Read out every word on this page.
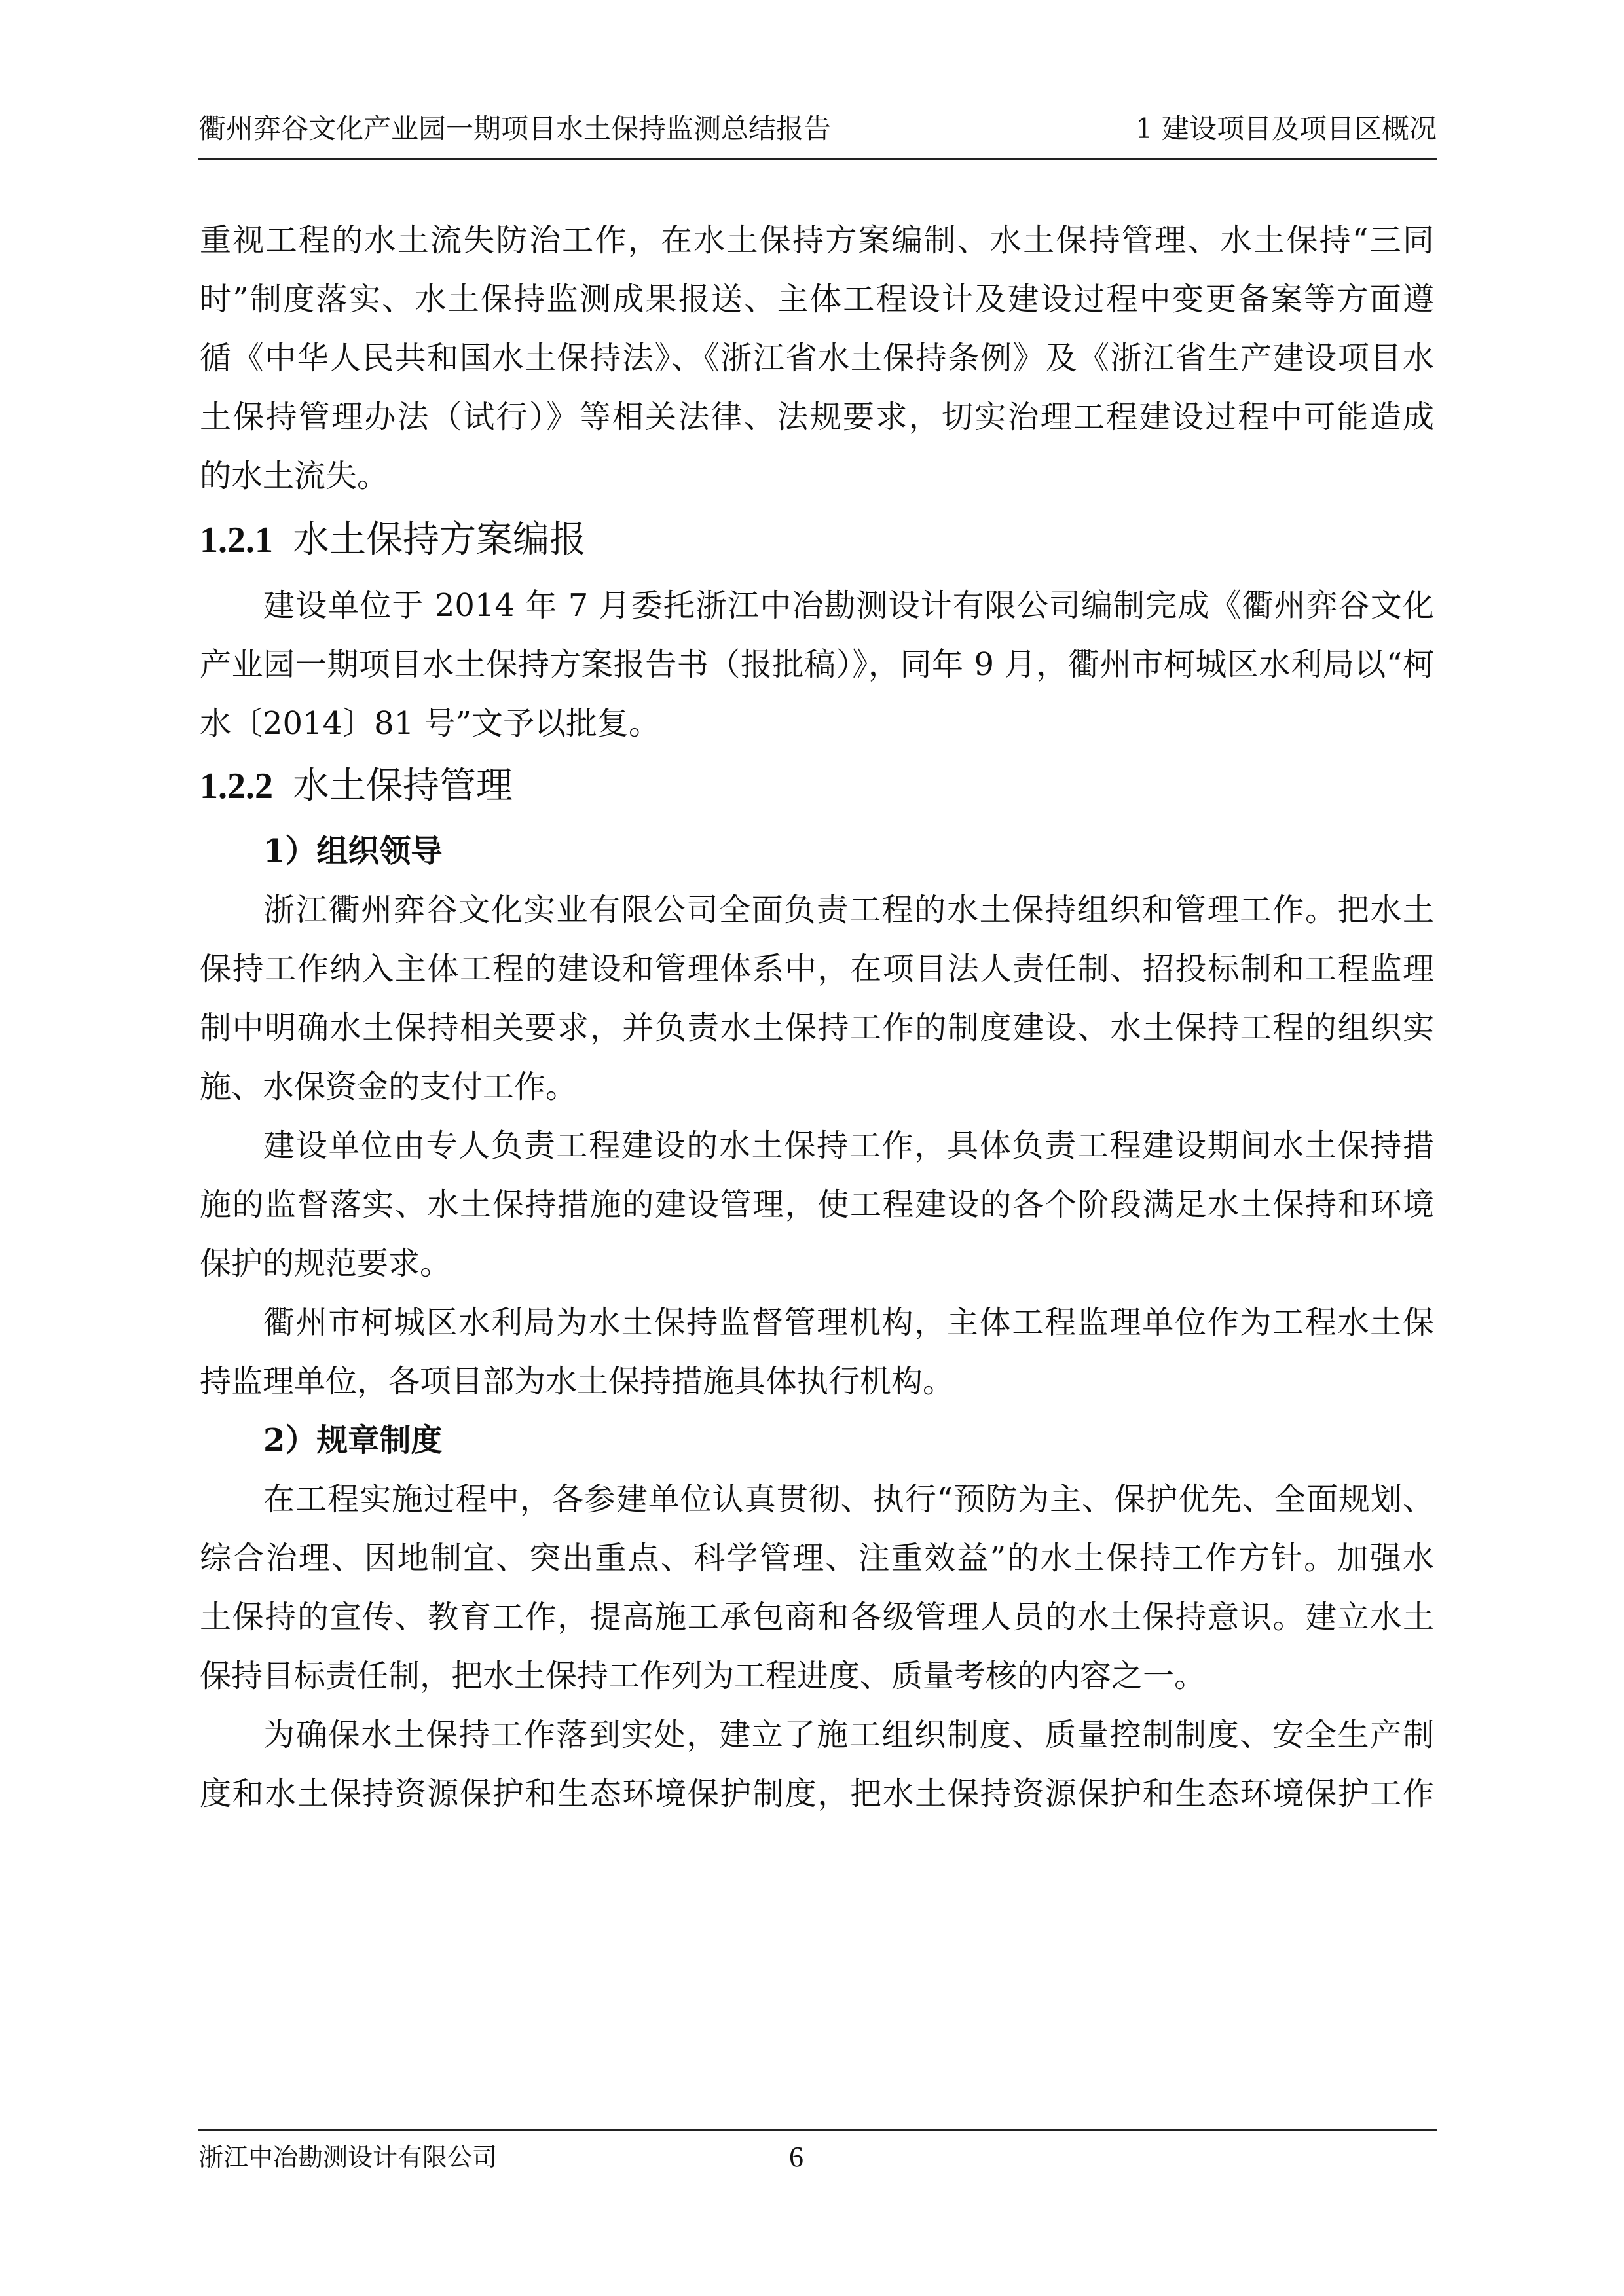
衢州弈谷文化产业园一期项目水土保持监测总结报告	1 建设项目及项目区概况
重视工程的水土流失防治工作，在水土保持方案编制、水土保持管理、水土保持“三同
时”制度落实、水土保持监测成果报送、主体工程设计及建设过程中变更备案等方面遵
循《中华人民共和国水土保持法》、《浙江省水土保持条例》及《浙江省生产建设项目水
土保持管理办法（试行）》等相关法律、法规要求，切实治理工程建设过程中可能造成
的水土流失。
1.2.1 水土保持方案编报
建设单位于 2014 年 7 月委托浙江中冶勘测设计有限公司编制完成《衢州弈谷文化
产业园一期项目水土保持方案报告书（报批稿）》，同年 9 月，衢州市柯城区水利局以“柯
水〔2014〕81 号”文予以批复。
1.2.2 水土保持管理
1）组织领导
浙江衢州弈谷文化实业有限公司全面负责工程的水土保持组织和管理工作。把水土
保持工作纳入主体工程的建设和管理体系中，在项目法人责任制、招投标制和工程监理
制中明确水土保持相关要求，并负责水土保持工作的制度建设、水土保持工程的组织实
施、水保资金的支付工作。
建设单位由专人负责工程建设的水土保持工作，具体负责工程建设期间水土保持措
施的监督落实、水土保持措施的建设管理，使工程建设的各个阶段满足水土保持和环境
保护的规范要求。
衢州市柯城区水利局为水土保持监督管理机构，主体工程监理单位作为工程水土保
持监理单位，各项目部为水土保持措施具体执行机构。
2）规章制度
在工程实施过程中，各参建单位认真贯彻、执行“预防为主、保护优先、全面规划、
综合治理、因地制宜、突出重点、科学管理、注重效益”的水土保持工作方针。加强水
土保持的宣传、教育工作，提高施工承包商和各级管理人员的水土保持意识。建立水土
保持目标责任制，把水土保持工作列为工程进度、质量考核的内容之一。
为确保水土保持工作落到实处，建立了施工组织制度、质量控制制度、安全生产制
度和水土保持资源保护和生态环境保护制度，把水土保持资源保护和生态环境保护工作
浙江中冶勘测设计有限公司	6
